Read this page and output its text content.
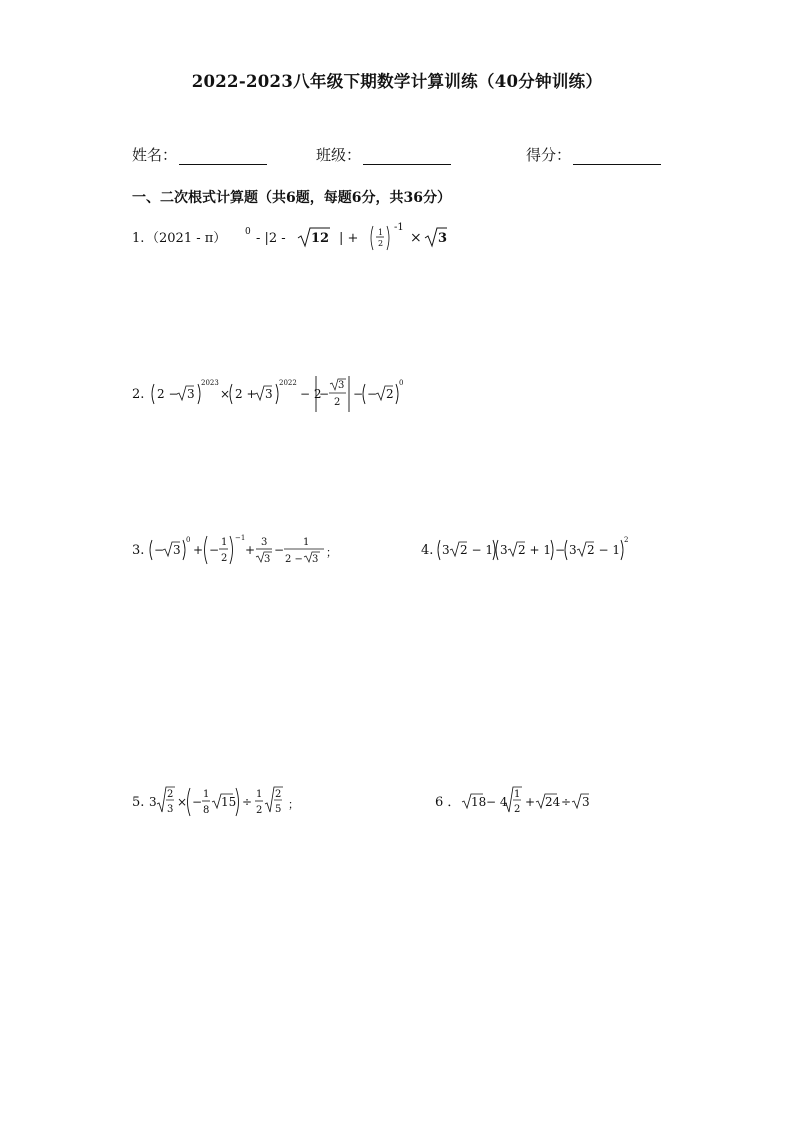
2022-2023八年级下期数学计算训练（40分钟训练）
姓名：	班级：	得分：
一、二次根式计算题（共6题，每题6分，共36分）
1. （2021 - π） 0 - |2 - 12 | + 1
2
-1
× 3
2. 2 − 3
2023
× 2 + 3
2022
− 2
−
3
2
− − 2
0
3. − 3
0
+ −
1
2
−1
+
3
3
−
1
2 − 3
；	4. 3 2 − 1 3 2 + 1 − 3 2 − 1
2
5. 3
2
3
× −
1
8
15 ÷
1
2
2
5 ；	6 ． 18 − 4
1
2
+ 24 ÷ 3
